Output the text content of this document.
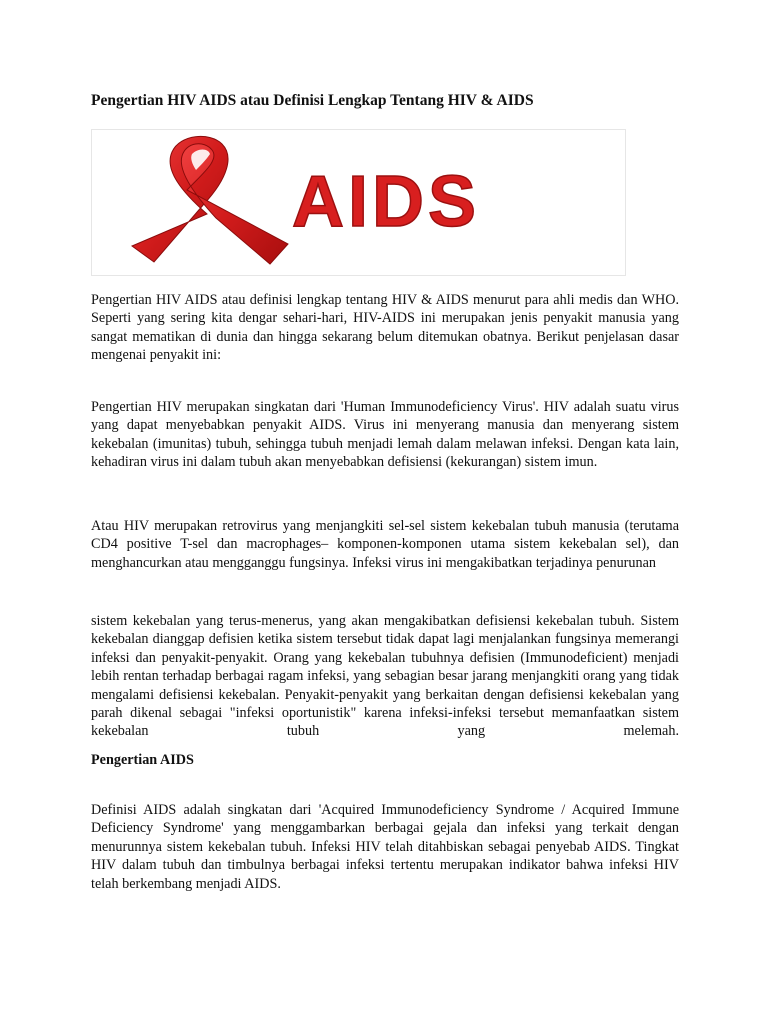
Pengertian HIV AIDS atau Definisi Lengkap Tentang HIV & AIDS
AIDS

Pengertian HIV AIDS atau definisi lengkap tentang HIV & AIDS menurut para ahli medis dan WHO. Seperti yang sering kita dengar sehari-hari, HIV-AIDS ini merupakan jenis penyakit manusia yang sangat mematikan di dunia dan hingga sekarang belum ditemukan obatnya. Berikut penjelasan dasar mengenai penyakit ini:

Pengertian HIV merupakan singkatan dari 'Human Immunodeficiency Virus'. HIV adalah suatu virus yang dapat menyebabkan penyakit AIDS. Virus ini menyerang manusia dan menyerang sistem kekebalan (imunitas) tubuh, sehingga tubuh menjadi lemah dalam melawan infeksi. Dengan kata lain, kehadiran virus ini dalam tubuh akan menyebabkan defisiensi (kekurangan) sistem imun.

Atau HIV merupakan retrovirus yang menjangkiti sel-sel sistem kekebalan tubuh manusia (terutama CD4 positive T-sel dan macrophages– komponen-komponen utama sistem kekebalan sel), dan menghancurkan atau mengganggu fungsinya. Infeksi virus ini mengakibatkan terjadinya penurunan

sistem kekebalan yang terus-menerus, yang akan mengakibatkan defisiensi kekebalan tubuh. Sistem kekebalan dianggap defisien ketika sistem tersebut tidak dapat lagi menjalankan fungsinya memerangi infeksi dan penyakit-penyakit. Orang yang kekebalan tubuhnya defisien (Immunodeficient) menjadi lebih rentan terhadap berbagai ragam infeksi, yang sebagian besar jarang menjangkiti orang yang tidak mengalami defisiensi kekebalan. Penyakit-penyakit yang berkaitan dengan defisiensi kekebalan yang parah dikenal sebagai "infeksi oportunistik" karena infeksi-infeksi tersebut memanfaatkan sistem kekebalan tubuh yang melemah.

Pengertian AIDS

Definisi AIDS adalah singkatan dari 'Acquired Immunodeficiency Syndrome / Acquired Immune Deficiency Syndrome' yang menggambarkan berbagai gejala dan infeksi yang terkait dengan menurunnya sistem kekebalan tubuh. Infeksi HIV telah ditahbiskan sebagai penyebab AIDS. Tingkat HIV dalam tubuh dan timbulnya berbagai infeksi tertentu merupakan indikator bahwa infeksi HIV telah berkembang menjadi AIDS.
